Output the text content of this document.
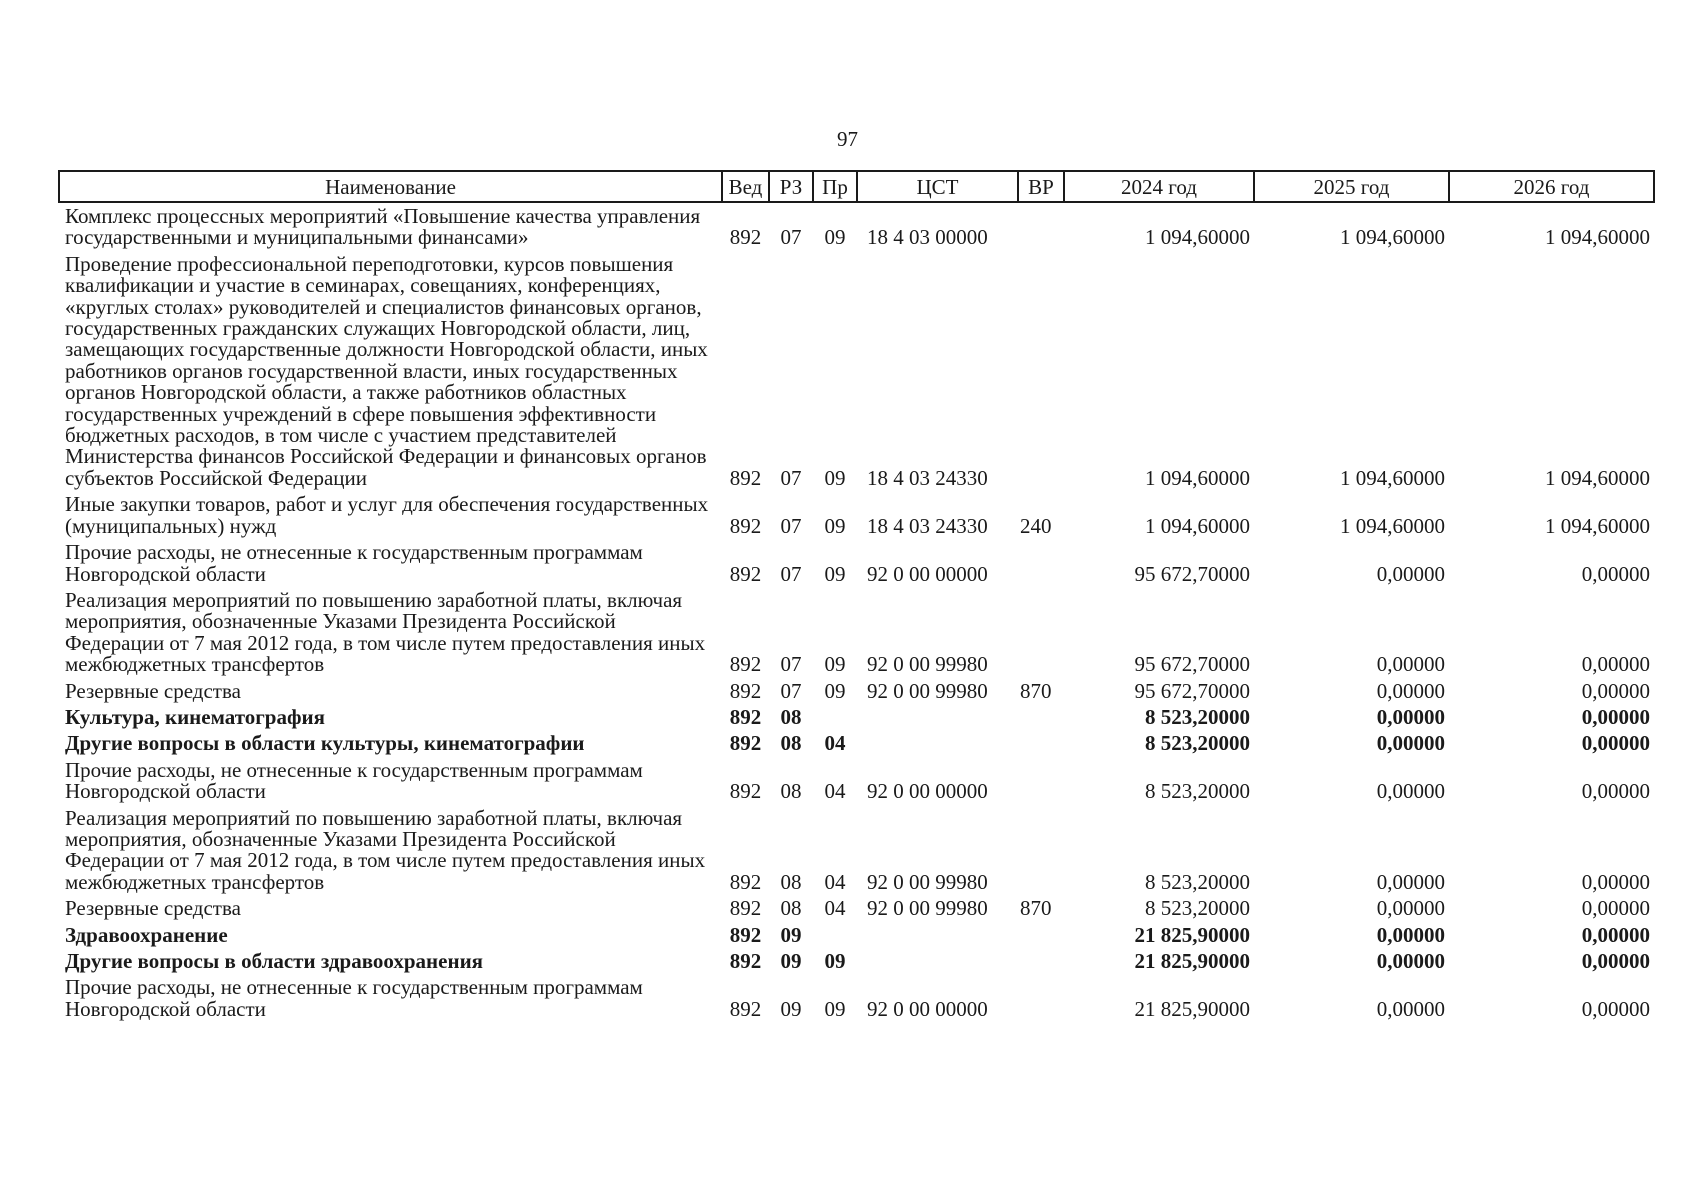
97
Наименование	Вед	РЗ	Пр	ЦСТ	ВР	2024 год	2025 год	2026 год
Комплекс процессных мероприятий «Повышение качества управления государственными и муниципальными финансами»	892	07	09	18 4 03 00000		1 094,60000	1 094,60000	1 094,60000
Проведение профессиональной переподготовки, курсов повышения квалификации и участие в семинарах, совещаниях, конференциях, «круглых столах» руководителей и специалистов финансовых органов, государственных гражданских служащих Новгородской области, лиц, замещающих государственные должности Новгородской области, иных работников органов государственной власти, иных государственных органов Новгородской области, а также работников областных государственных учреждений в сфере повышения эффективности бюджетных расходов, в том числе с участием представителей Министерства финансов Российской Федерации и финансовых органов субъектов Российской Федерации	892	07	09	18 4 03 24330		1 094,60000	1 094,60000	1 094,60000
Иные закупки товаров, работ и услуг для обеспечения государственных (муниципальных) нужд	892	07	09	18 4 03 24330	240	1 094,60000	1 094,60000	1 094,60000
Прочие расходы, не отнесенные к государственным программам Новгородской области	892	07	09	92 0 00 00000		95 672,70000	0,00000	0,00000
Реализация мероприятий по повышению заработной платы, включая мероприятия, обозначенные Указами Президента Российской Федерации от 7 мая 2012 года, в том числе путем предоставления иных межбюджетных трансфертов	892	07	09	92 0 00 99980		95 672,70000	0,00000	0,00000
Резервные средства	892	07	09	92 0 00 99980	870	95 672,70000	0,00000	0,00000
Культура, кинематография	892	08				8 523,20000	0,00000	0,00000
Другие вопросы в области культуры, кинематографии	892	08	04			8 523,20000	0,00000	0,00000
Прочие расходы, не отнесенные к государственным программам Новгородской области	892	08	04	92 0 00 00000		8 523,20000	0,00000	0,00000
Реализация мероприятий по повышению заработной платы, включая мероприятия, обозначенные Указами Президента Российской Федерации от 7 мая 2012 года, в том числе путем предоставления иных межбюджетных трансфертов	892	08	04	92 0 00 99980		8 523,20000	0,00000	0,00000
Резервные средства	892	08	04	92 0 00 99980	870	8 523,20000	0,00000	0,00000
Здравоохранение	892	09				21 825,90000	0,00000	0,00000
Другие вопросы в области здравоохранения	892	09	09			21 825,90000	0,00000	0,00000
Прочие расходы, не отнесенные к государственным программам Новгородской области	892	09	09	92 0 00 00000		21 825,90000	0,00000	0,00000
